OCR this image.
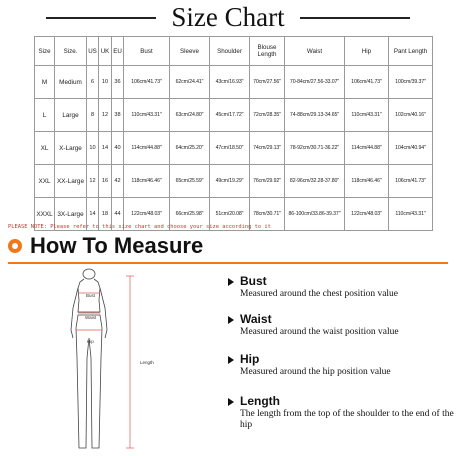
Size Chart
Size	Size.	US	UK	EU	Bust	Sleeve	Shoulder	Blouse Length	Waist	Hip	Pant Length
M	Medium	6	10	36	106cm/41.73"	62cm/24.41"	43cm/16.93"	70cm/27.56"	70-84cm/27.56-33.07"	106cm/41.73"	100cm/39.37"
L	Large	8	12	38	110cm/43.31"	63cm/24.80"	45cm/17.72"	72cm/28.35"	74-88cm/29.13-34.65"	110cm/43.31"	102cm/40.16"
XL	X-Large	10	14	40	114cm/44.88"	64cm/25.20"	47cm/18.50"	74cm/29.13"	78-92cm/30.71-36.22"	114cm/44.88"	104cm/40.94"
XXL	XX-Large	12	16	42	118cm/46.46"	65cm/25.59"	49cm/19.29"	76cm/29.92"	82-96cm/32.28-37.80"	118cm/46.46"	106cm/41.73"
XXXL	3X-Large	14	18	44	122cm/48.03"	66cm/25.98"	51cm/20.08"	78cm/30.71"	86-100cm/33.86-39.37"	122cm/48.03"	110cm/43.31"
PLEASE NOTE: Please refer to this size chart and choose your size according to it
How To Measure
Bust
Waist
Hip
Length
Bust
Measured around the chest position value
Waist
Measured around the waist position value
Hip
Measured around the hip position value
Length
The length from the top of the shoulder to the end of the hip
